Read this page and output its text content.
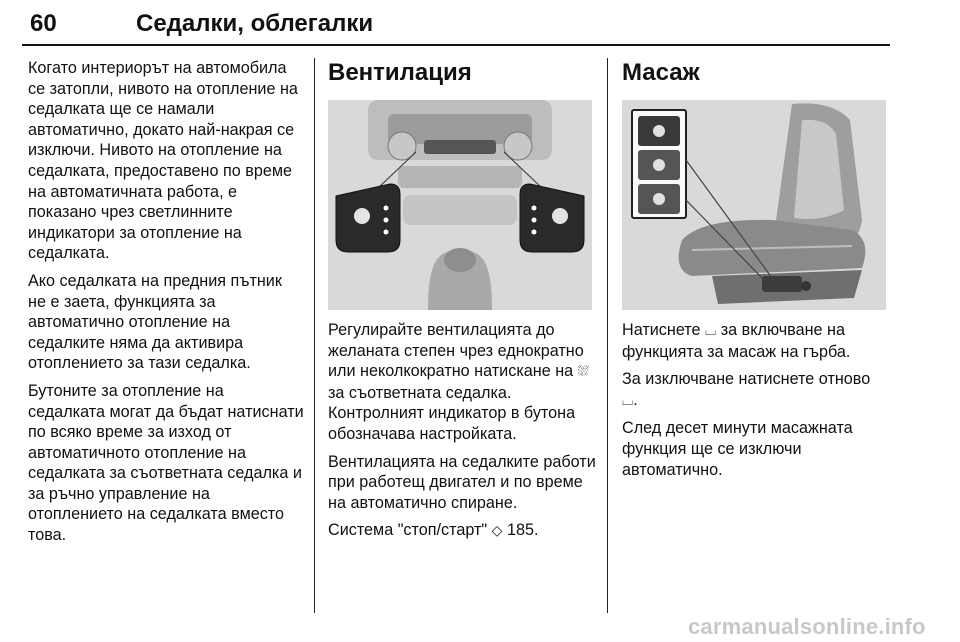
60	Седалки, облегалки

Когато интериорът на автомобила се затопли, нивото на отопление на седалката ще се намали автоматично, докато най-накрая се изключи. Нивото на отопление на седалката, предоставено по време на автоматичната работа, е показано чрез светлинните индикатори за отопление на седалката.

Ако седалката на предния пътник не е заета, функцията за автоматично отопление на седалките няма да активира отоплението за тази седалка.

Бутоните за отопление на седалката могат да бъдат натиснати по всяко време за изход от автоматичното отопление на седалката за съответната седалка и за ръчно управление на отоплението на седалката вместо това.

Вентилация

Регулирайте вентилацията до желаната степен чрез еднократно или неколкократно натискане на ⛆ за съответната седалка. Контролният индикатор в бутона обозначава настройката.

Вентилацията на седалките работи при работещ двигател и по време на автоматично спиране.

Система "стоп/старт" ◇ 185.

Масаж

Натиснете ⌴ за включване на функцията за масаж на гърба.

За изключване натиснете отново ⌴.

След десет минути масажната функция ще се изключи автоматично.

carmanualsonline.info
